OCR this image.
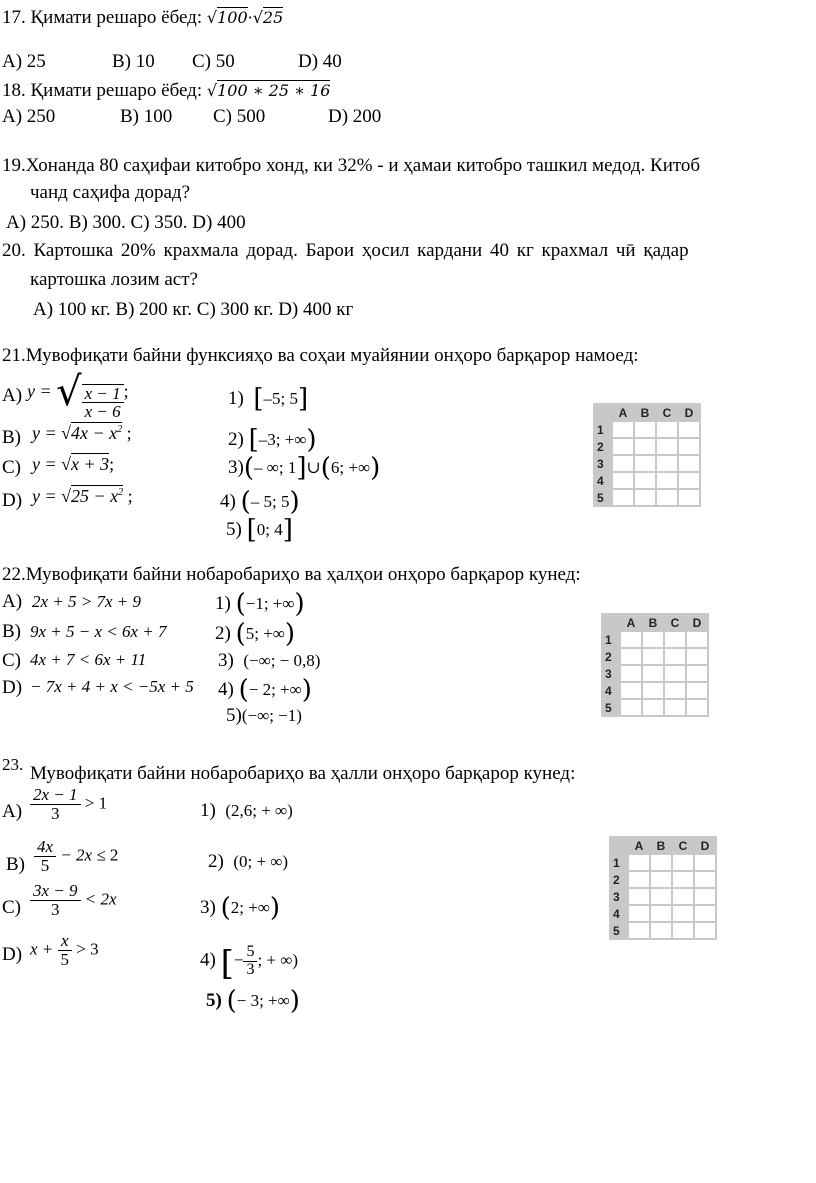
17. Қимати решаро ёбед: √100·√25
A) 25	B) 10 C) 50	D) 40
18. Қимати решаро ёбед: √100 ∗ 25 ∗ 16
A) 250	B) 100 C) 500	D) 200
19.Хонанда 80 саҳифаи китобро хонд, ки 32% - и ҳамаи китобро ташкил медод. Китоб
чанд саҳифа дорад?
A) 250. B) 300. C) 350. D) 400
20. Картошка 20% крахмала дорад. Барои ҳосил кардани 40 кг крахмал чӣ қадар
картошка лозим аст?
A) 100 кг. B) 200 кг. C) 300 кг. D) 400 кг
21.Мувофиқати байни функсияҳо ва соҳаи муайянии онҳоро барқарор намоед:
A) y = √ $\frac{x - 1}{x - 6}$ ;	1) [–5; 5]
B) $y = √4x - x^2$ ;	2) [–3; +∞)
C) y = √x + 3;	3)(– ∞; 1]∪(6; +∞)
D) $y = √25 - x^2$ ;	4) (– 5; 5)
5) [0; 4]
	A	B	C	D
1				
2				
3				
4				
5				
22.Мувофиқати байни нобаробариҳо ва ҳалҳои онҳоро барқарор кунед:
A) 2x + 5 > 7x + 9	1) (−1; +∞)
B) 9x + 5 − x < 6x + 7	2) (5; +∞)
C) 4x + 7 < 6x + 11	3) (−∞; − 0,8)
D) − 7x + 4 + x < −5x + 5 4) (− 2; +∞)
5)(−∞; −1)
	A	B	C	D
1				
2				
3				
4				
5				
23. Мувофиқати байни нобаробариҳо ва ҳалли онҳоро барқарор кунед:
$A) \frac{2x - 1}{3} > 1$	1) (2,6; + ∞)
$B) \frac{4x}{5} - 2x \le 2$	2) (0; + ∞)
$C) \frac{3x - 9}{3} < 2x$	3) (2; +∞)
D) $x + \frac{x}{5} > 3$
4) [− $\frac{5}{3}$ ; + ∞)
5) (− 3; +∞)
	A	B	C	D
1				
2				
3				
4				
5				
